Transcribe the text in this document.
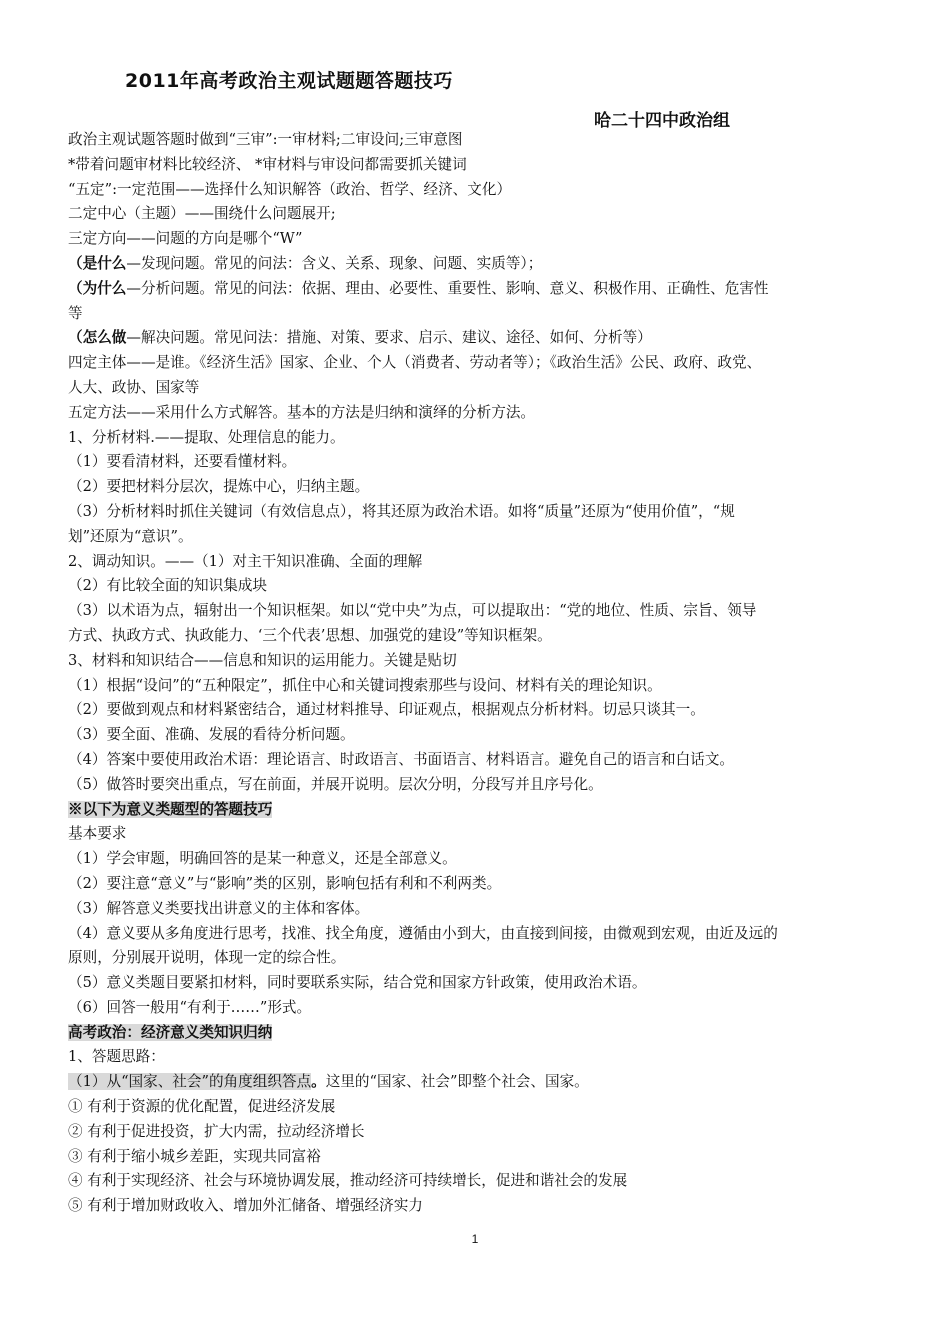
2011年高考政治主观试题题答题技巧
哈二十四中政治组
政治主观试题答题时做到“三审”:一审材料;二审设问;三审意图
*带着问题审材料比较经济、 *审材料与审设问都需要抓关键词
“五定”:一定范围——选择什么知识解答（政治、哲学、经济、文化）
二定中心（主题）——围绕什么问题展开;
三定方向——问题的方向是哪个“W”
（是什么—发现问题。常见的问法：含义、关系、现象、问题、实质等）；
（为什么—分析问题。常见的问法：依据、理由、必要性、重要性、影响、意义、积极作用、正确性、危害性
等
（怎么做—解决问题。常见问法：措施、对策、要求、启示、建议、途径、如何、分析等）
四定主体——是谁。《经济生活》国家、企业、个人（消费者、劳动者等）；《政治生活》公民、政府、政党、
人大、政协、国家等
五定方法——采用什么方式解答。基本的方法是归纳和演绎的分析方法。
1、分析材料.——提取、处理信息的能力。
（1）要看清材料，还要看懂材料。
（2）要把材料分层次，提炼中心，归纳主题。
（3）分析材料时抓住关键词（有效信息点），将其还原为政治术语。如将“质量”还原为“使用价值”，“规
划”还原为“意识”。
2、调动知识。——（1）对主干知识准确、全面的理解
（2）有比较全面的知识集成块
（3）以术语为点，辐射出一个知识框架。如以“党中央”为点，可以提取出：“党的地位、性质、宗旨、领导
方式、执政方式、执政能力、‘三个代表’思想、加强党的建设”等知识框架。
3、材料和知识结合——信息和知识的运用能力。关键是贴切
（1）根据“设问”的“五种限定”，抓住中心和关键词搜索那些与设问、材料有关的理论知识。
（2）要做到观点和材料紧密结合，通过材料推导、印证观点，根据观点分析材料。切忌只谈其一。
（3）要全面、准确、发展的看待分析问题。
（4）答案中要使用政治术语：理论语言、时政语言、书面语言、材料语言。避免自己的语言和白话文。
（5）做答时要突出重点，写在前面，并展开说明。层次分明，分段写并且序号化。
※以下为意义类题型的答题技巧
基本要求
（1）学会审题，明确回答的是某一种意义，还是全部意义。
（2）要注意“意义”与“影响”类的区别，影响包括有利和不利两类。
（3）解答意义类要找出讲意义的主体和客体。
（4）意义要从多角度进行思考，找准、找全角度，遵循由小到大，由直接到间接，由微观到宏观，由近及远的
原则，分别展开说明，体现一定的综合性。
（5）意义类题目要紧扣材料，同时要联系实际，结合党和国家方针政策，使用政治术语。
（6）回答一般用“有利于……”形式。
高考政治：经济意义类知识归纳
1、答题思路：
（1）从“国家、社会”的角度组织答点。这里的“国家、社会”即整个社会、国家。
① 有利于资源的优化配置，促进经济发展
② 有利于促进投资，扩大内需，拉动经济增长
③ 有利于缩小城乡差距，实现共同富裕
④ 有利于实现经济、社会与环境协调发展，推动经济可持续增长，促进和谐社会的发展
⑤ 有利于增加财政收入、增加外汇储备、增强经济实力
1
